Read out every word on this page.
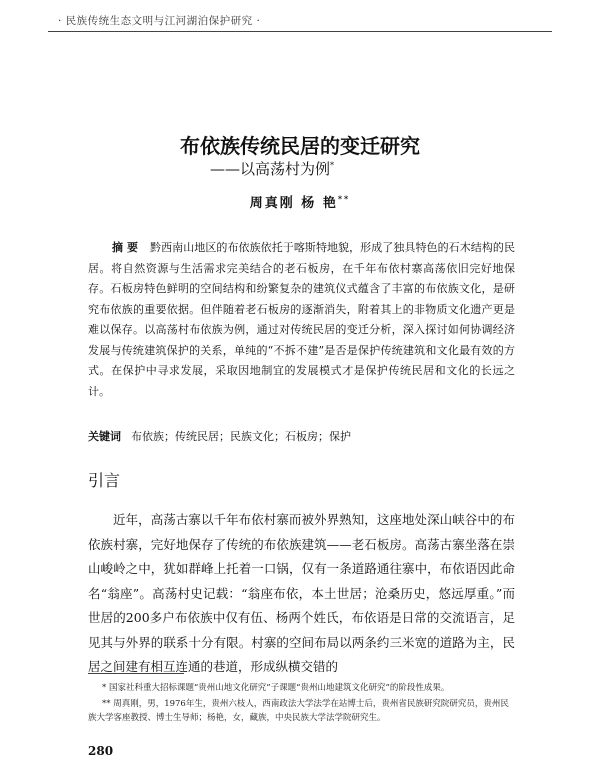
· 民族传统生态文明与江河湖泊保护研究 ·
布依族传统民居的变迁研究
——以高荡村为例*
周真刚 杨 艳**
摘 要 黔西南山地区的布依族依托于喀斯特地貌，形成了独具特色的石木结构的民居。将自然资源与生活需求完美结合的老石板房，在千年布依村寨高荡依旧完好地保存。石板房特色鲜明的空间结构和纷繁复杂的建筑仪式蕴含了丰富的布依族文化，是研究布依族的重要依据。但伴随着老石板房的逐渐消失，附着其上的非物质文化遗产更是难以保存。以高荡村布依族为例，通过对传统民居的变迁分析，深入探讨如何协调经济发展与传统建筑保护的关系，单纯的“不拆不建”是否是保护传统建筑和文化最有效的方式。在保护中寻求发展，采取因地制宜的发展模式才是保护传统民居和文化的长远之计。
关键词 布依族；传统民居；民族文化；石板房；保护
引言
近年，高荡古寨以千年布依村寨而被外界熟知，这座地处深山峡谷中的布依族村寨，完好地保存了传统的布依族建筑——老石板房。高荡古寨坐落在崇山峻岭之中，犹如群峰上托着一口锅，仅有一条道路通往寨中，布依语因此命名“翁座”。高荡村史记载：“翁座布依，本土世居；沧桑历史，悠远厚重。”而世居的200多户布依族中仅有伍、杨两个姓氏，布依语是日常的交流语言，足见其与外界的联系十分有限。村寨的空间布局以两条约三米宽的道路为主，民居之间建有相互连通的巷道，形成纵横交错的

* 国家社科重大招标课题“贵州山地文化研究”子课题“贵州山地建筑文化研究”的阶段性成果。

** 周真刚，男，1976年生，贵州六枝人，西南政法大学法学在站博士后，贵州省民族研究院研究员，贵州民族大学客座教授、博士生导师；杨艳，女，藏族，中央民族大学法学院研究生。

280
